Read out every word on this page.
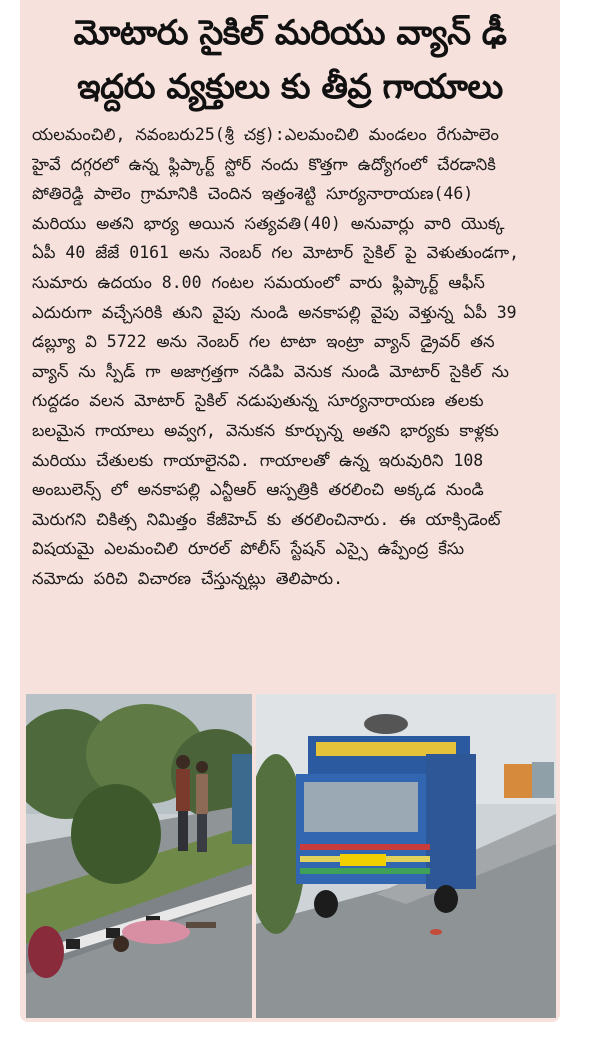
మోటారు సైకిల్ మరియు వ్యాన్ ఢీ
ఇద్దరు వ్యక్తులు కు తీవ్ర గాయాలు
యలమంచిలి, నవంబరు25(శ్రీ చక్ర):ఎలమంచిలి మండలం రేగుపాలెం
హైవే దగ్గరలో ఉన్న ఫ్లిప్కార్ట్ స్టోర్ నందు కొత్తగా ఉద్యోగంలో చేరడానికి
పోతిరెడ్డి పాలెం గ్రామానికి చెందిన ఇత్తంశెట్టి సూర్యనారాయణ(46)
మరియు అతని భార్య అయిన సత్యవతి(40) అనువార్లు వారి యొక్క
ఏపీ 40 జేజే 0161 అను నెంబర్ గల మోటార్ సైకిల్ పై వెళుతుండగా,
సుమారు ఉదయం 8.00 గంటల సమయంలో వారు ఫ్లిప్కార్ట్ ఆఫీస్
ఎదురుగా వచ్చేసరికి తుని వైపు నుండి అనకాపల్లి వైపు వెళ్తున్న ఏపీ 39
డబ్ల్యూ వి 5722 అను నెంబర్ గల టాటా ఇంట్రా వ్యాన్ డ్రైవర్ తన
వ్యాన్ ను స్పీడ్ గా అజాగ్రత్తగా నడిపి వెనుక నుండి మోటార్ సైకిల్ ను
గుద్దడం వలన మోటార్ సైకిల్ నడుపుతున్న సూర్యనారాయణ తలకు
బలమైన గాయాలు అవ్వగ, వెనుకన కూర్చున్న అతని భార్యకు కాళ్లకు
మరియు చేతులకు గాయాలైనవి. గాయాలతో ఉన్న ఇరువురిని 108
అంబులెన్స్ లో అనకాపల్లి ఎన్టీఆర్ ఆస్పత్రికి తరలించి అక్కడ నుండి
మెరుగని చికిత్స నిమిత్తం కేజీహెచ్ కు తరలించినారు. ఈ యాక్సిడెంట్
విషయమై ఎలమంచిలి రూరల్ పోలీస్ స్టేషన్ ఎస్సై ఉప్పేంద్ర కేసు
నమోదు పరిచి విచారణ చేస్తున్నట్లు తెలిపారు.
